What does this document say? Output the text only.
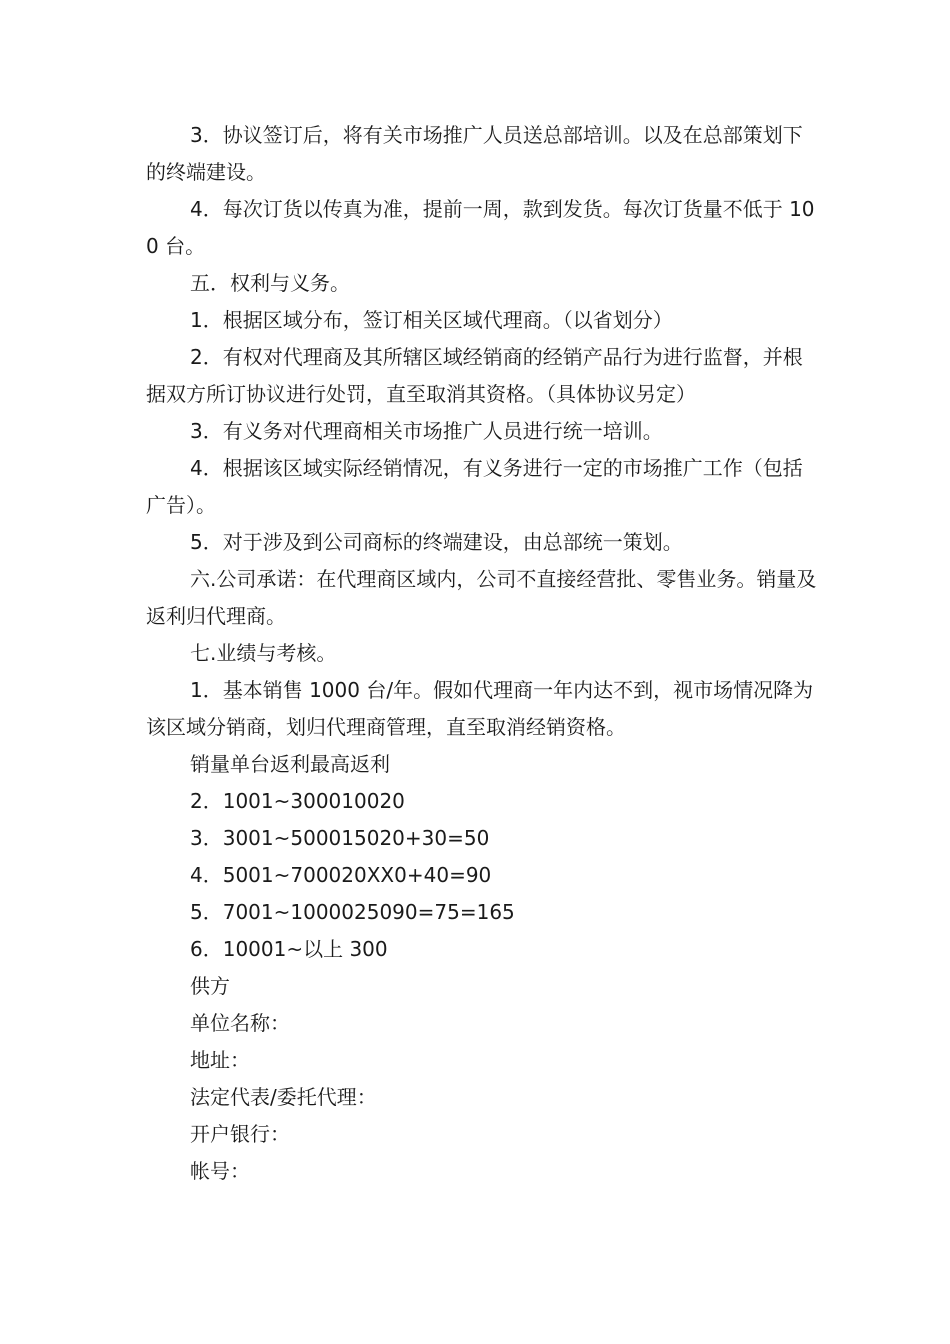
3．协议签订后，将有关市场推广人员送总部培训。以及在总部策划下的终端建设。

4．每次订货以传真为准，提前一周，款到发货。每次订货量不低于 100 台。

五．权利与义务。

1．根据区域分布，签订相关区域代理商。（以省划分）

2．有权对代理商及其所辖区域经销商的经销产品行为进行监督，并根据双方所订协议进行处罚，直至取消其资格。（具体协议另定）

3．有义务对代理商相关市场推广人员进行统一培训。

4．根据该区域实际经销情况，有义务进行一定的市场推广工作（包括广告）。

5．对于涉及到公司商标的终端建设，由总部统一策划。

六.公司承诺：在代理商区域内，公司不直接经营批、零售业务。销量及返利归代理商。

七.业绩与考核。

1．基本销售 1000 台/年。假如代理商一年内达不到，视市场情况降为该区域分销商，划归代理商管理，直至取消经销资格。

销量单台返利最高返利

2．1001~300010020

3．3001~500015020+30=50

4．5001~700020XX0+40=90

5．7001~1000025090=75=165

6．10001~以上 300

供方

单位名称：

地址：

法定代表/委托代理：

开户银行：

帐号：
